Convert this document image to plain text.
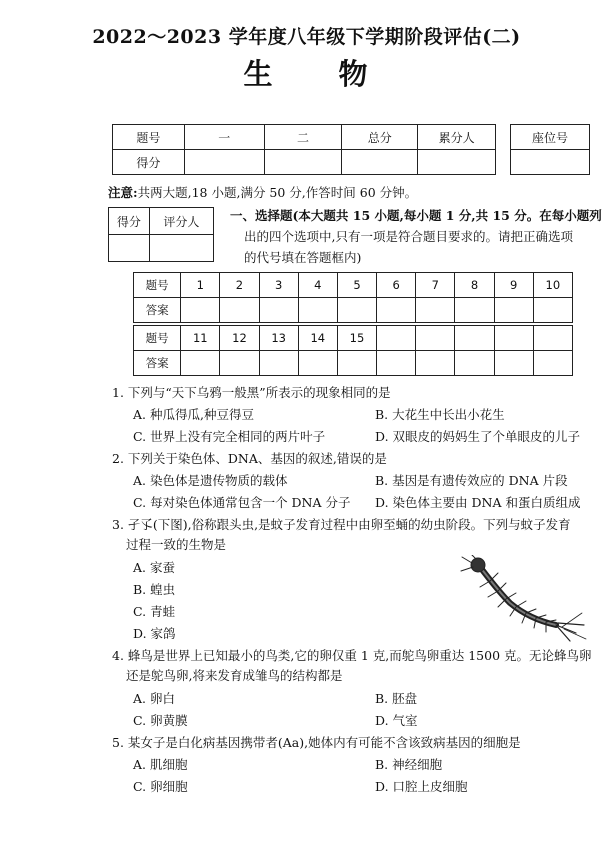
2022～2023 学年度八年级下学期阶段评估(二)
生 物
题号	一	二	总分	累分人
得分				
座位号

注意:共两大题,18 小题,满分 50 分,作答时间 60 分钟。
得分	评分人
	一、选择题(本大题共 15 小题,每小题 1 分,共 15 分。在每小题列
出的四个选项中,只有一项是符合题目要求的。请把正确选项
的代号填在答题框内)
题号	1	2	3	4	5	6	7	8	9	10
答案										

题号	11	12	13	14	15					
答案										
1. 下列与“天下乌鸦一般黑”所表示的现象相同的是
A. 种瓜得瓜,种豆得豆	B. 大花生中长出小花生
C. 世界上没有完全相同的两片叶子	D. 双眼皮的妈妈生了个单眼皮的儿子
2. 下列关于染色体、DNA、基因的叙述,错误的是
A. 染色体是遗传物质的载体	B. 基因是有遗传效应的 DNA 片段
C. 每对染色体通常包含一个 DNA 分子 D. 染色体主要由 DNA 和蛋白质组成
3. 孑孓(下图),俗称跟头虫,是蚊子发育过程中由卵至蛹的幼虫阶段。下列与蚊子发育
过程一致的生物是
A. 家蚕
B. 蝗虫
C. 青蛙
D. 家鸽
4. 蜂鸟是世界上已知最小的鸟类,它的卵仅重 1 克,而鸵鸟卵重达 1500 克。无论蜂鸟卵
还是鸵鸟卵,将来发育成雏鸟的结构都是
A. 卵白	B. 胚盘
C. 卵黄膜	D. 气室
5. 某女子是白化病基因携带者(Aa),她体内有可能不含该致病基因的细胞是
A. 肌细胞	B. 神经细胞
C. 卵细胞	D. 口腔上皮细胞
